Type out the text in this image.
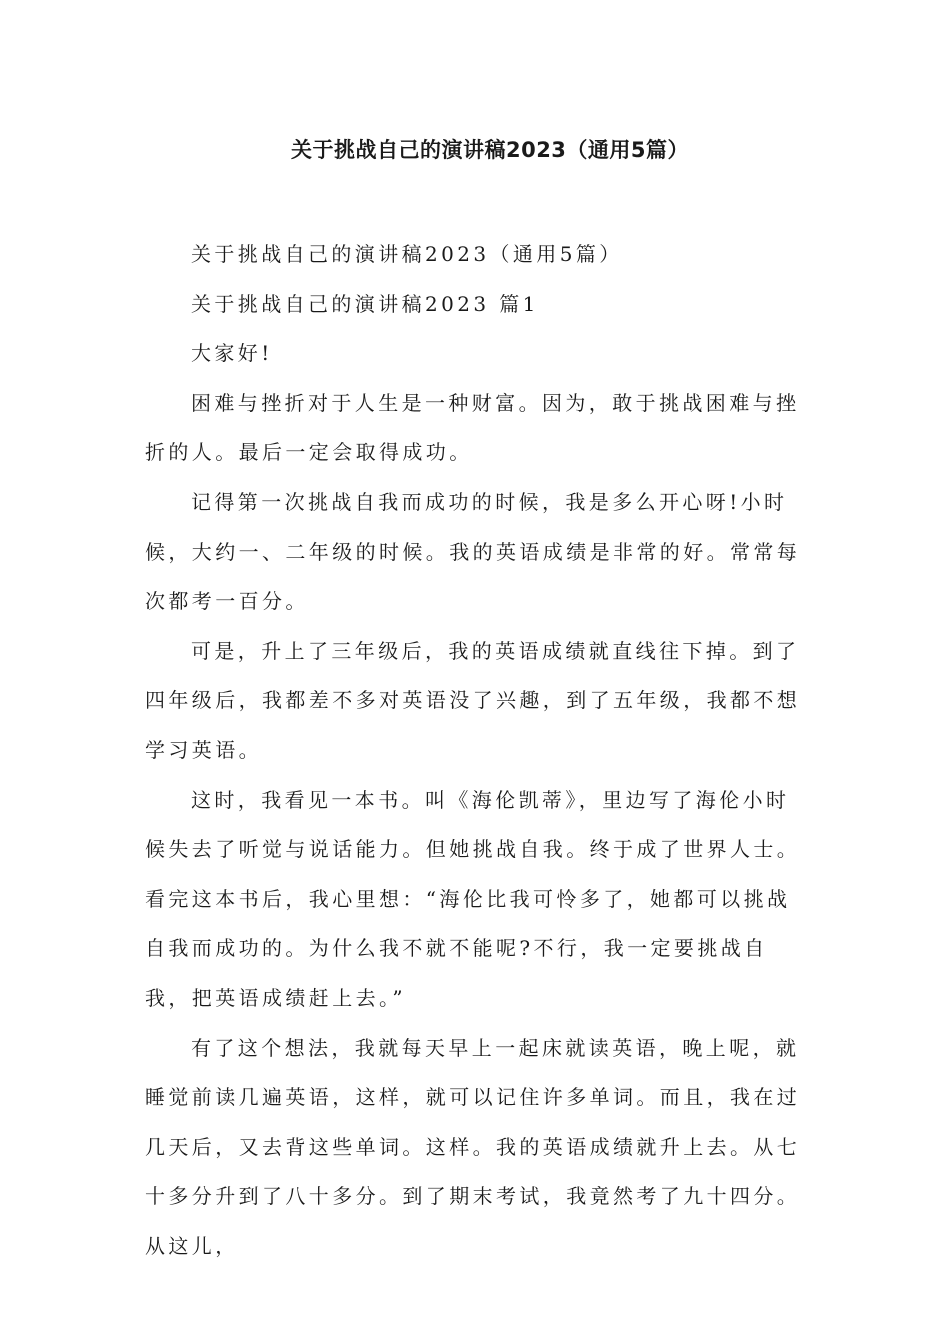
关于挑战自己的演讲稿2023（通用5篇）

关于挑战自己的演讲稿2023（通用5篇）

关于挑战自己的演讲稿2023 篇1

大家好!

困难与挫折对于人生是一种财富。因为，敢于挑战困难与挫折的人。最后一定会取得成功。

记得第一次挑战自我而成功的时候，我是多么开心呀!小时候，大约一、二年级的时候。我的英语成绩是非常的好。常常每次都考一百分。

可是，升上了三年级后，我的英语成绩就直线往下掉。到了四年级后，我都差不多对英语没了兴趣，到了五年级，我都不想学习英语。

这时，我看见一本书。叫《海伦凯蒂》，里边写了海伦小时候失去了听觉与说话能力。但她挑战自我。终于成了世界人士。看完这本书后，我心里想：“海伦比我可怜多了，她都可以挑战自我而成功的。为什么我不就不能呢?不行，我一定要挑战自我，把英语成绩赶上去。”

有了这个想法，我就每天早上一起床就读英语，晚上呢，就睡觉前读几遍英语，这样，就可以记住许多单词。而且，我在过几天后，又去背这些单词。这样。我的英语成绩就升上去。从七十多分升到了八十多分。到了期末考试，我竟然考了九十四分。从这儿，
